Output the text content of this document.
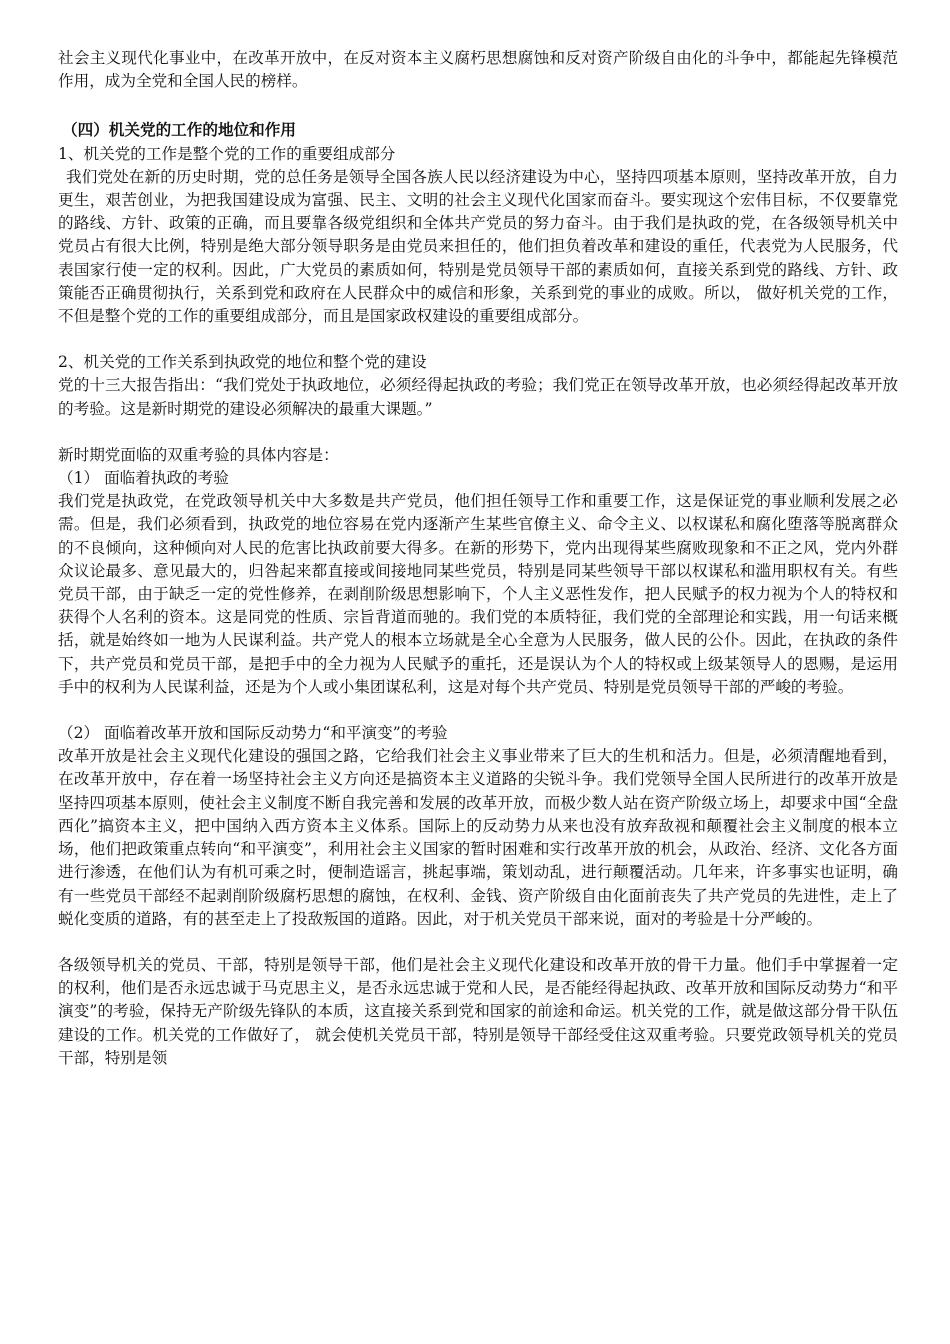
社会主义现代化事业中，在改革开放中，在反对资本主义腐朽思想腐蚀和反对资产阶级自由化的斗争中，都能起先锋模范作用，成为全党和全国人民的榜样。

（四）机关党的工作的地位和作用

1、机关党的工作是整个党的工作的重要组成部分

我们党处在新的历史时期，党的总任务是领导全国各族人民以经济建设为中心，坚持四项基本原则，坚持改革开放，自力更生，艰苦创业，为把我国建设成为富强、民主、文明的社会主义现代化国家而奋斗。要实现这个宏伟目标，不仅要靠党的路线、方针、政策的正确，而且要靠各级党组织和全体共产党员的努力奋斗。由于我们是执政的党，在各级领导机关中党员占有很大比例，特别是绝大部分领导职务是由党员来担任的，他们担负着改革和建设的重任，代表党为人民服务，代表国家行使一定的权利。因此，广大党员的素质如何，特别是党员领导干部的素质如何，直接关系到党的路线、方针、政策能否正确贯彻执行，关系到党和政府在人民群众中的威信和形象，关系到党的事业的成败。所以， 做好机关党的工作，不但是整个党的工作的重要组成部分，而且是国家政权建设的重要组成部分。

2、机关党的工作关系到执政党的地位和整个党的建设

党的十三大报告指出：“我们党处于执政地位，必须经得起执政的考验；我们党正在领导改革开放，也必须经得起改革开放的考验。这是新时期党的建设必须解决的最重大课题。”

新时期党面临的双重考验的具体内容是：

（1） 面临着执政的考验

我们党是执政党，在党政领导机关中大多数是共产党员，他们担任领导工作和重要工作，这是保证党的事业顺利发展之必需。但是，我们必须看到，执政党的地位容易在党内逐渐产生某些官僚主义、命令主义、以权谋私和腐化堕落等脱离群众的不良倾向，这种倾向对人民的危害比执政前要大得多。在新的形势下，党内出现得某些腐败现象和不正之风，党内外群众议论最多、意见最大的，归咎起来都直接或间接地同某些党员，特别是同某些领导干部以权谋私和滥用职权有关。有些党员干部，由于缺乏一定的党性修养，在剥削阶级思想影响下，个人主义恶性发作，把人民赋予的权力视为个人的特权和获得个人名利的资本。这是同党的性质、宗旨背道而驰的。我们党的本质特征，我们党的全部理论和实践，用一句话来概括，就是始终如一地为人民谋利益。共产党人的根本立场就是全心全意为人民服务，做人民的公仆。因此，在执政的条件下，共产党员和党员干部，是把手中的全力视为人民赋予的重托，还是误认为个人的特权或上级某领导人的恩赐，是运用手中的权利为人民谋利益，还是为个人或小集团谋私利，这是对每个共产党员、特别是党员领导干部的严峻的考验。

（2） 面临着改革开放和国际反动势力“和平演变”的考验

改革开放是社会主义现代化建设的强国之路，它给我们社会主义事业带来了巨大的生机和活力。但是，必须清醒地看到，在改革开放中，存在着一场坚持社会主义方向还是搞资本主义道路的尖锐斗争。我们党领导全国人民所进行的改革开放是坚持四项基本原则，使社会主义制度不断自我完善和发展的改革开放，而极少数人站在资产阶级立场上，却要求中国“全盘西化”搞资本主义，把中国纳入西方资本主义体系。国际上的反动势力从来也没有放弃敌视和颠覆社会主义制度的根本立场，他们把政策重点转向“和平演变”，利用社会主义国家的暂时困难和实行改革开放的机会，从政治、经济、文化各方面进行渗透，在他们认为有机可乘之时，便制造谣言，挑起事端，策划动乱，进行颠覆活动。几年来，许多事实也证明，确有一些党员干部经不起剥削阶级腐朽思想的腐蚀，在权利、金钱、资产阶级自由化面前丧失了共产党员的先进性，走上了蜕化变质的道路，有的甚至走上了投敌叛国的道路。因此，对于机关党员干部来说，面对的考验是十分严峻的。

各级领导机关的党员、干部，特别是领导干部，他们是社会主义现代化建设和改革开放的骨干力量。他们手中掌握着一定的权利，他们是否永远忠诚于马克思主义，是否永远忠诚于党和人民，是否能经得起执政、改革开放和国际反动势力“和平演变”的考验，保持无产阶级先锋队的本质，这直接关系到党和国家的前途和命运。机关党的工作，就是做这部分骨干队伍建设的工作。机关党的工作做好了， 就会使机关党员干部，特别是领导干部经受住这双重考验。只要党政领导机关的党员干部，特别是领
